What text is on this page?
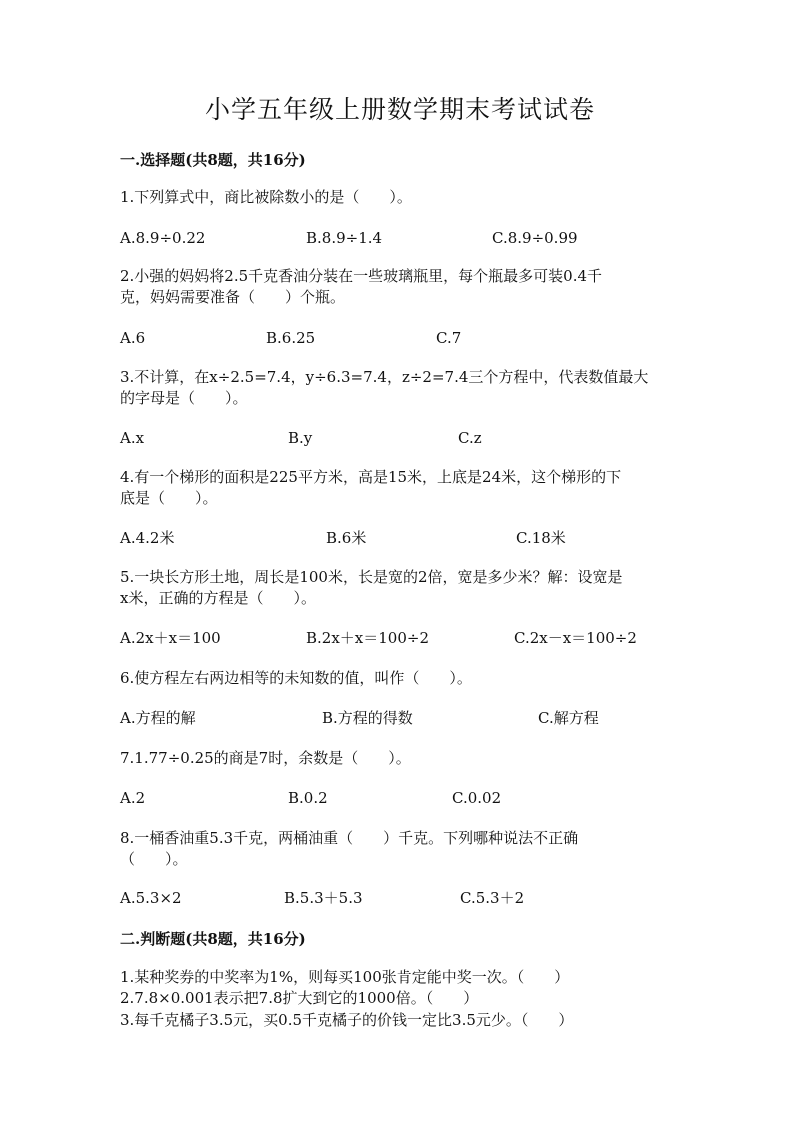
小学五年级上册数学期末考试试卷
一.选择题(共8题，共16分)
1.下列算式中，商比被除数小的是（　　）。
A.8.9÷0.22	B.8.9÷1.4	C.8.9÷0.99
2.小强的妈妈将2.5千克香油分装在一些玻璃瓶里，每个瓶最多可装0.4千
克，妈妈需要准备（　　）个瓶。
A.6	B.6.25	C.7
3.不计算，在x÷2.5=7.4，y÷6.3=7.4，z÷2=7.4三个方程中，代表数值最大
的字母是（　　）。
A.x	B.y	C.z
4.有一个梯形的面积是225平方米，高是15米，上底是24米，这个梯形的下
底是（　　）。
A.4.2米	B.6米	C.18米
5.一块长方形土地，周长是100米，长是宽的2倍，宽是多少米？解：设宽是
x米，正确的方程是（　　）。
A.2x＋x＝100	B.2x＋x＝100÷2	C.2x－x＝100÷2
6.使方程左右两边相等的未知数的值，叫作（　　）。
A.方程的解	B.方程的得数	C.解方程
7.1.77÷0.25的商是7时，余数是（　　）。
A.2	B.0.2	C.0.02
8.一桶香油重5.3千克，两桶油重（　　）千克。下列哪种说法不正确
（　　）。
A.5.3×2	B.5.3＋5.3	C.5.3＋2
二.判断题(共8题，共16分)
1.某种奖券的中奖率为1%，则每买100张肯定能中奖一次。（　　）
2.7.8×0.001表示把7.8扩大到它的1000倍。（　　）
3.每千克橘子3.5元，买0.5千克橘子的价钱一定比3.5元少。（　　）
